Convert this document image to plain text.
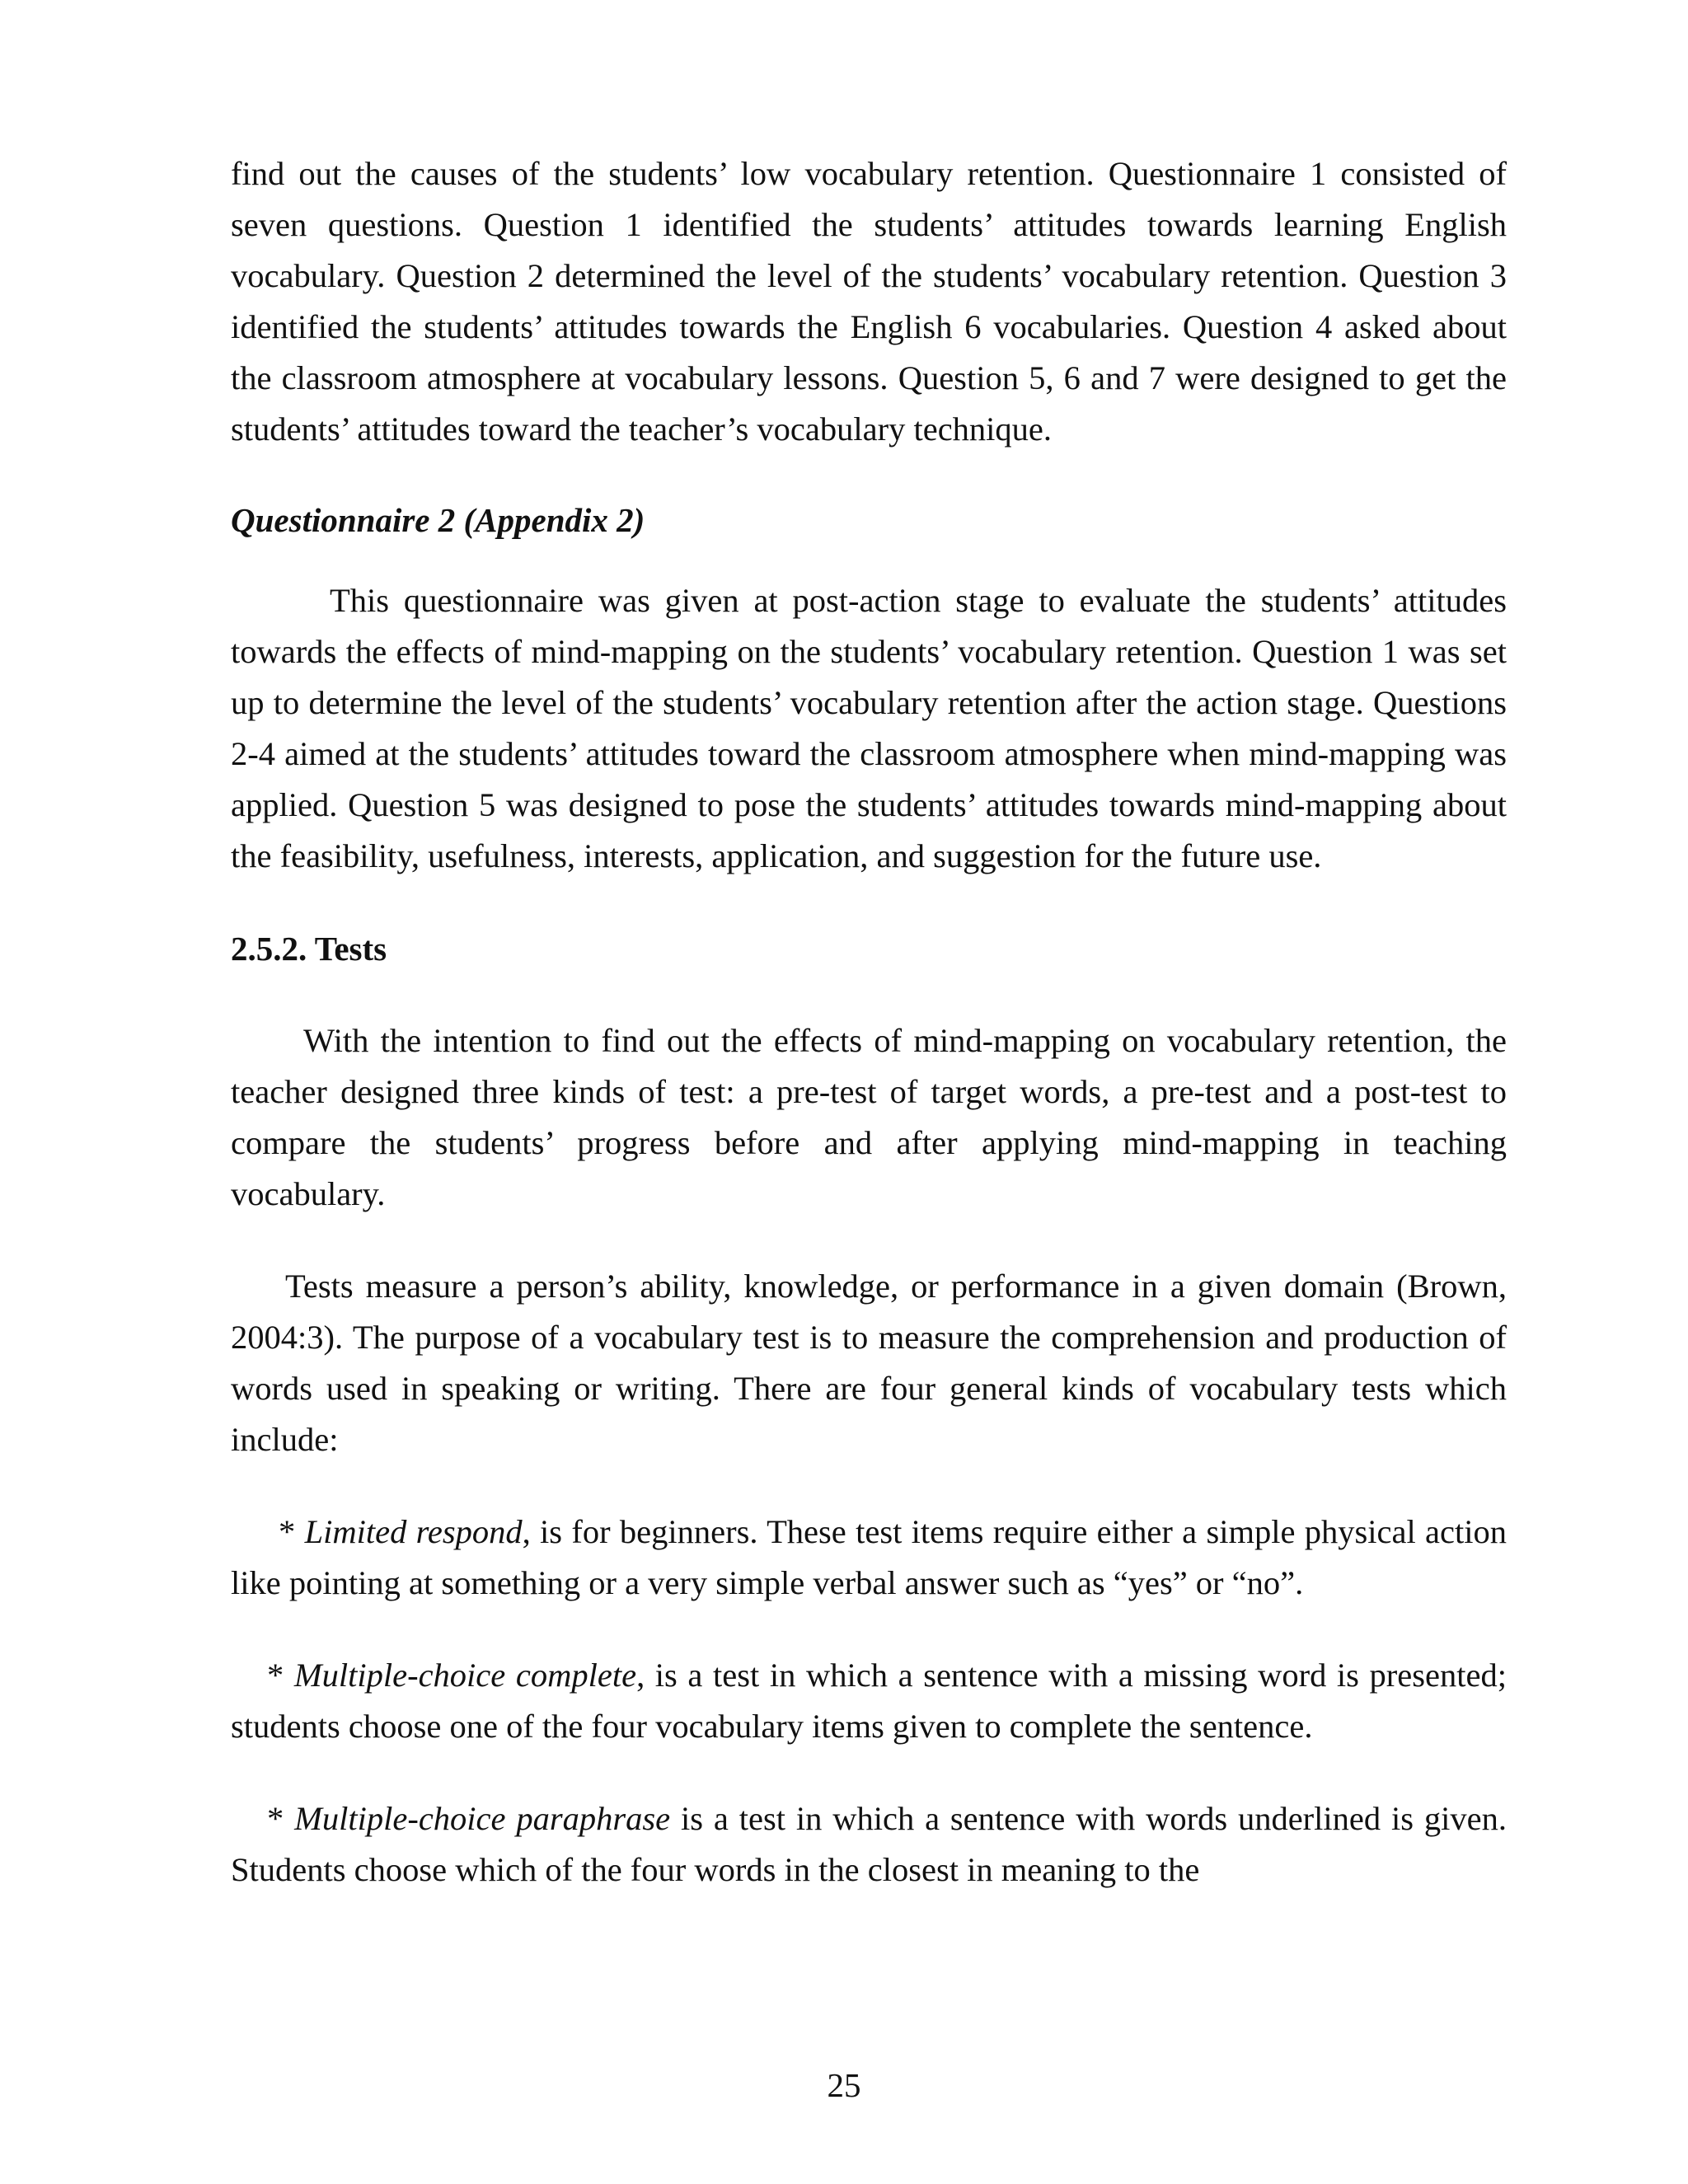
find out the causes of the students’ low vocabulary retention. Questionnaire 1 consisted of seven questions. Question 1 identified the students’ attitudes towards learning English vocabulary. Question 2 determined the level of the students’ vocabulary retention. Question 3 identified the students’ attitudes towards the English 6 vocabularies. Question 4 asked about the classroom atmosphere at vocabulary lessons. Question 5, 6 and 7 were designed to get the students’ attitudes toward the teacher’s vocabulary technique.

Questionnaire 2 (Appendix 2)

This questionnaire was given at post-action stage to evaluate the students’ attitudes towards the effects of mind-mapping on the students’ vocabulary retention. Question 1 was set up to determine the level of the students’ vocabulary retention after the action stage. Questions 2-4 aimed at the students’ attitudes toward the classroom atmosphere when mind-mapping was applied. Question 5 was designed to pose the students’ attitudes towards mind-mapping about the feasibility, usefulness, interests, application, and suggestion for the future use.

2.5.2. Tests

With the intention to find out the effects of mind-mapping on vocabulary retention, the teacher designed three kinds of test: a pre-test of target words, a pre-test and a post-test to compare the students’ progress before and after applying mind-mapping in teaching vocabulary.

Tests measure a person’s ability, knowledge, or performance in a given domain (Brown, 2004:3). The purpose of a vocabulary test is to measure the comprehension and production of words used in speaking or writing. There are four general kinds of vocabulary tests which include:

* Limited respond, is for beginners. These test items require either a simple physical action like pointing at something or a very simple verbal answer such as “yes” or “no”.

* Multiple-choice complete, is a test in which a sentence with a missing word is presented; students choose one of the four vocabulary items given to complete the sentence.

* Multiple-choice paraphrase is a test in which a sentence with words underlined is given. Students choose which of the four words in the closest in meaning to the

25
